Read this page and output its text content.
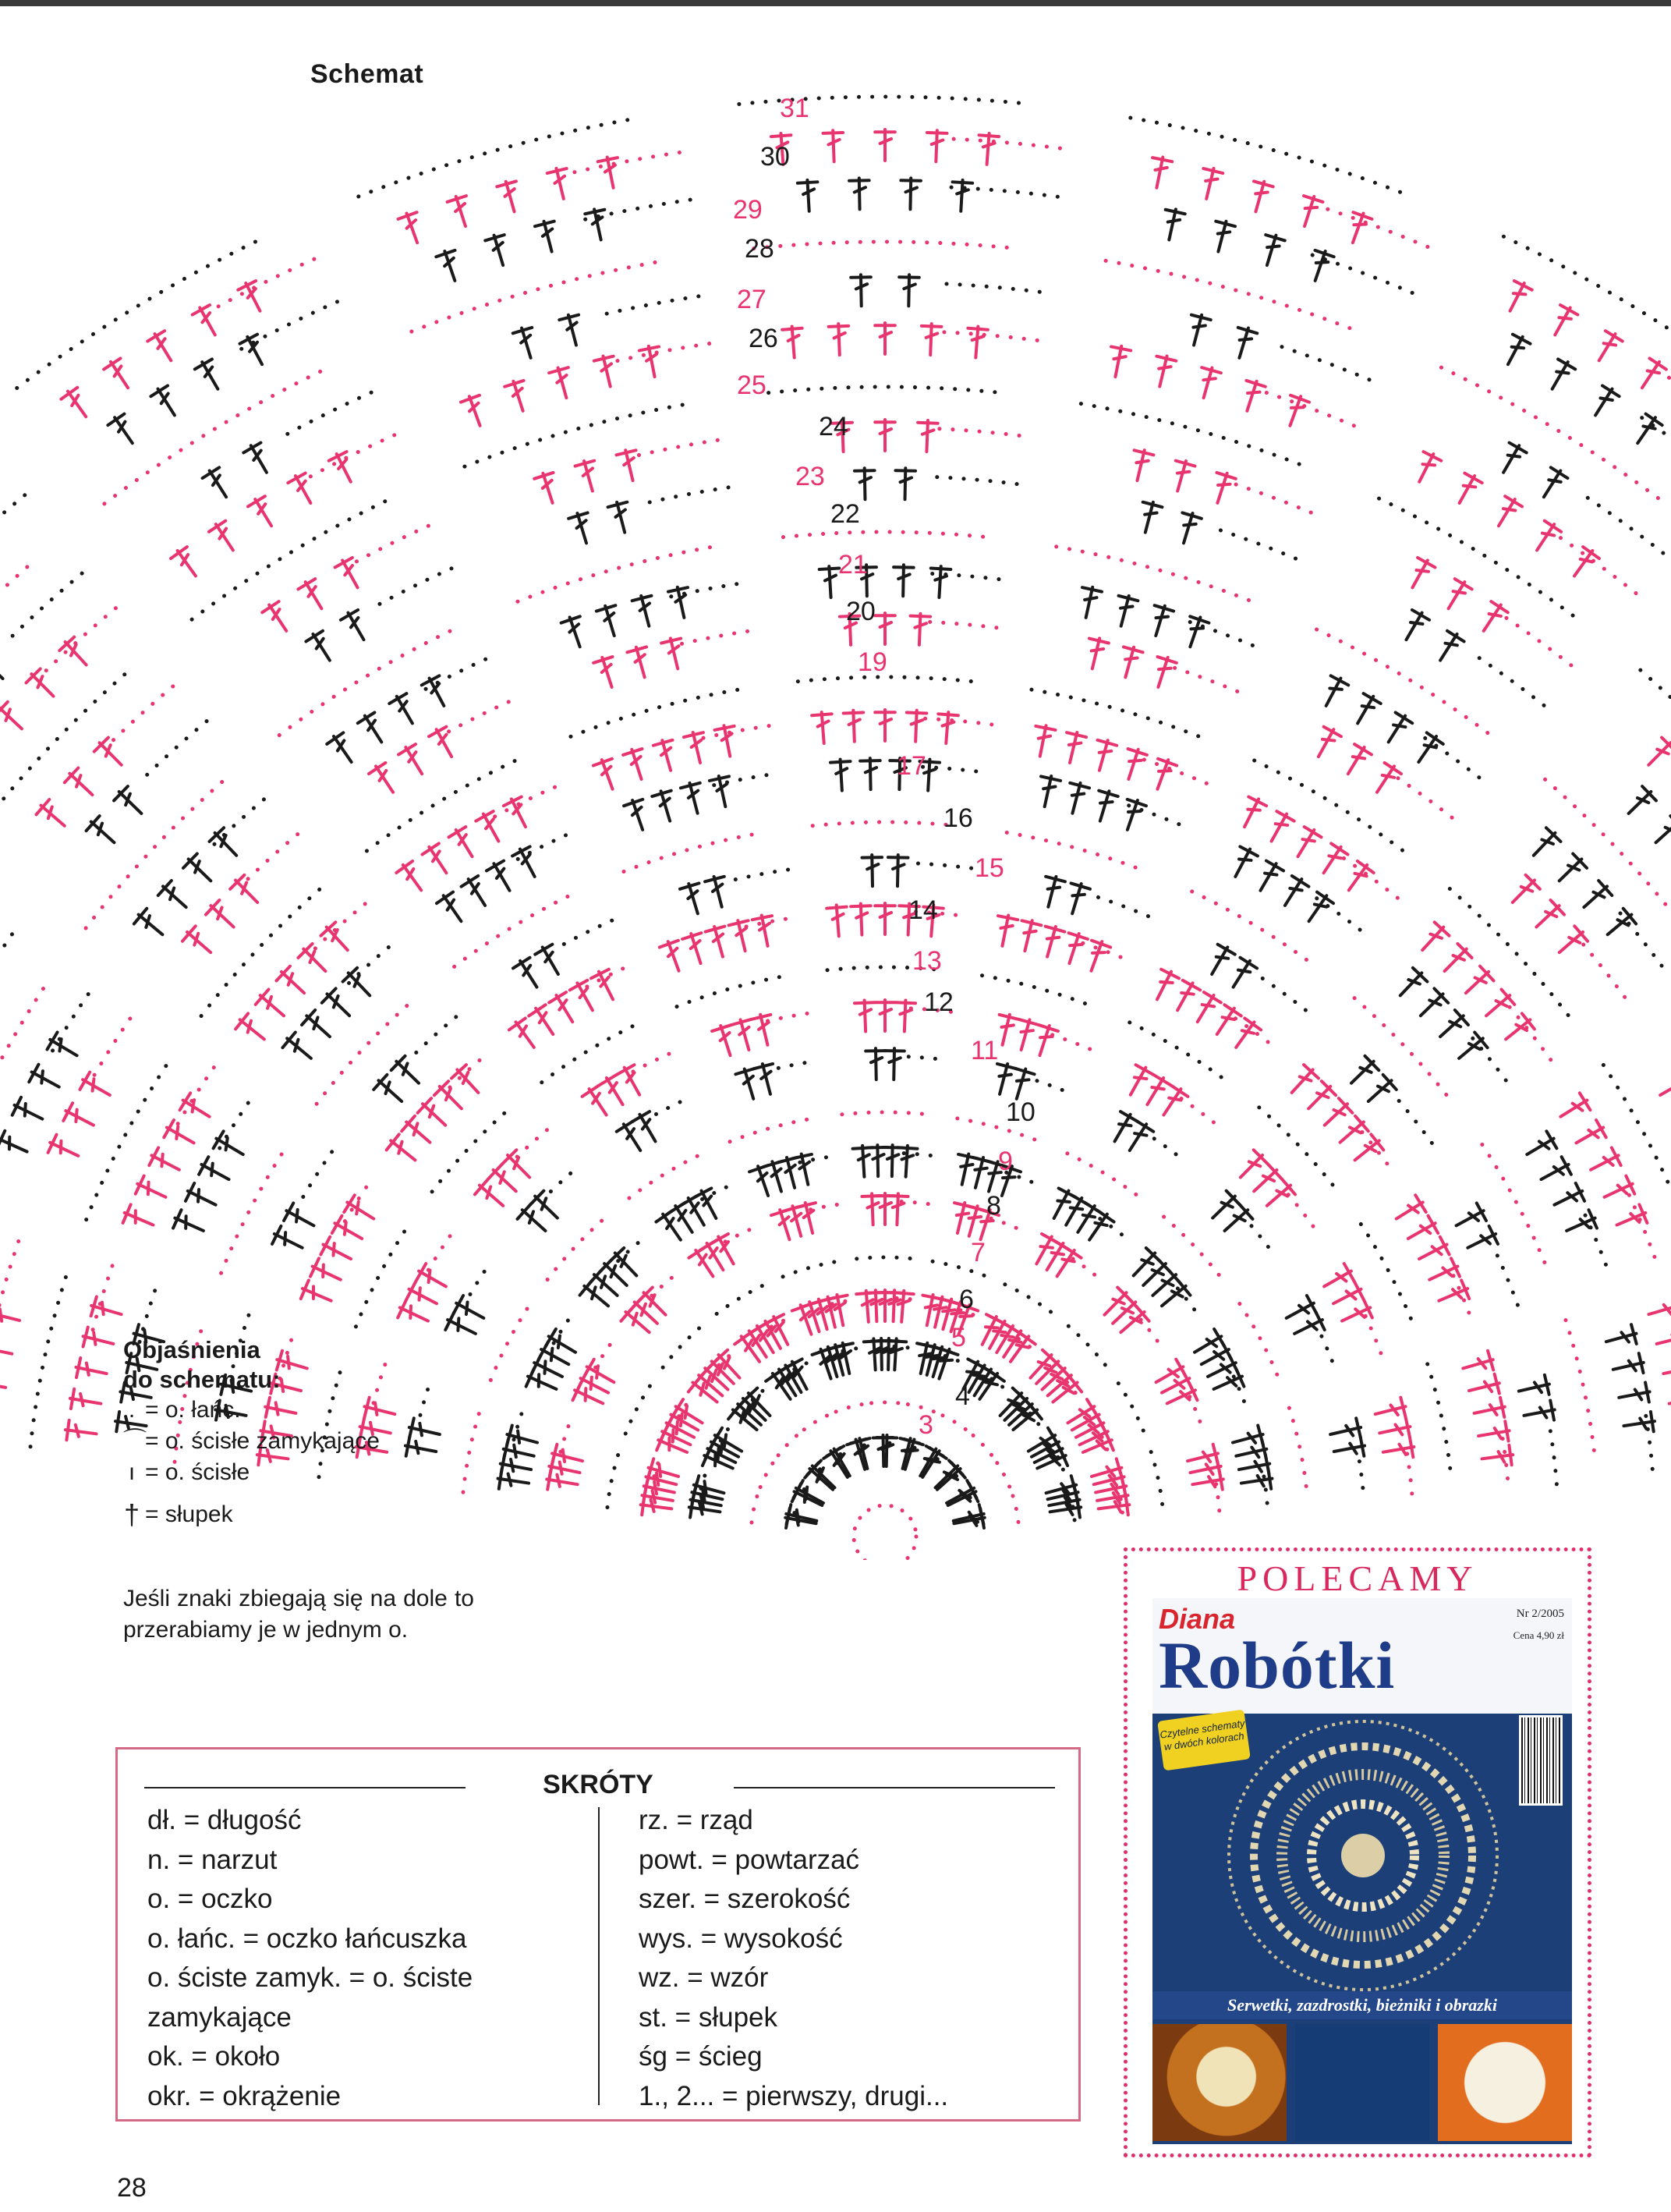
Schemat
31
30
29
28
27
26
25
24
23
22
21
20
19
17
16
15
14
13
12
11
10
9
8
7
6
5
4
3
Objaśnienia
do schematu:
. = o. łańc.
⌒
= o. ścisłe zamykające
ı = o. ścisłe
† = słupek
Jeśli znaki zbiegają się na dole to przerabiamy je w jednym o.
SKRÓTY
dł. = długość
n. = narzut
o. = oczko
o. łańc. = oczko łańcuszka
o. ściste zamyk. = o. ściste
zamykające
ok. = około
okr. = okrążenie
rz. = rząd
powt. = powtarzać
szer. = szerokość
wys. = wysokość
wz. = wzór
st. = słupek
śg = ścieg
1., 2... = pierwszy, drugi...
28
POLECAMY
Diana
Robótki
Nr 2/2005
Cena 4,90 zł
Czytelne schematy w dwóch kolorach
Serwetki, zazdrostki, bieżniki i obrazki
